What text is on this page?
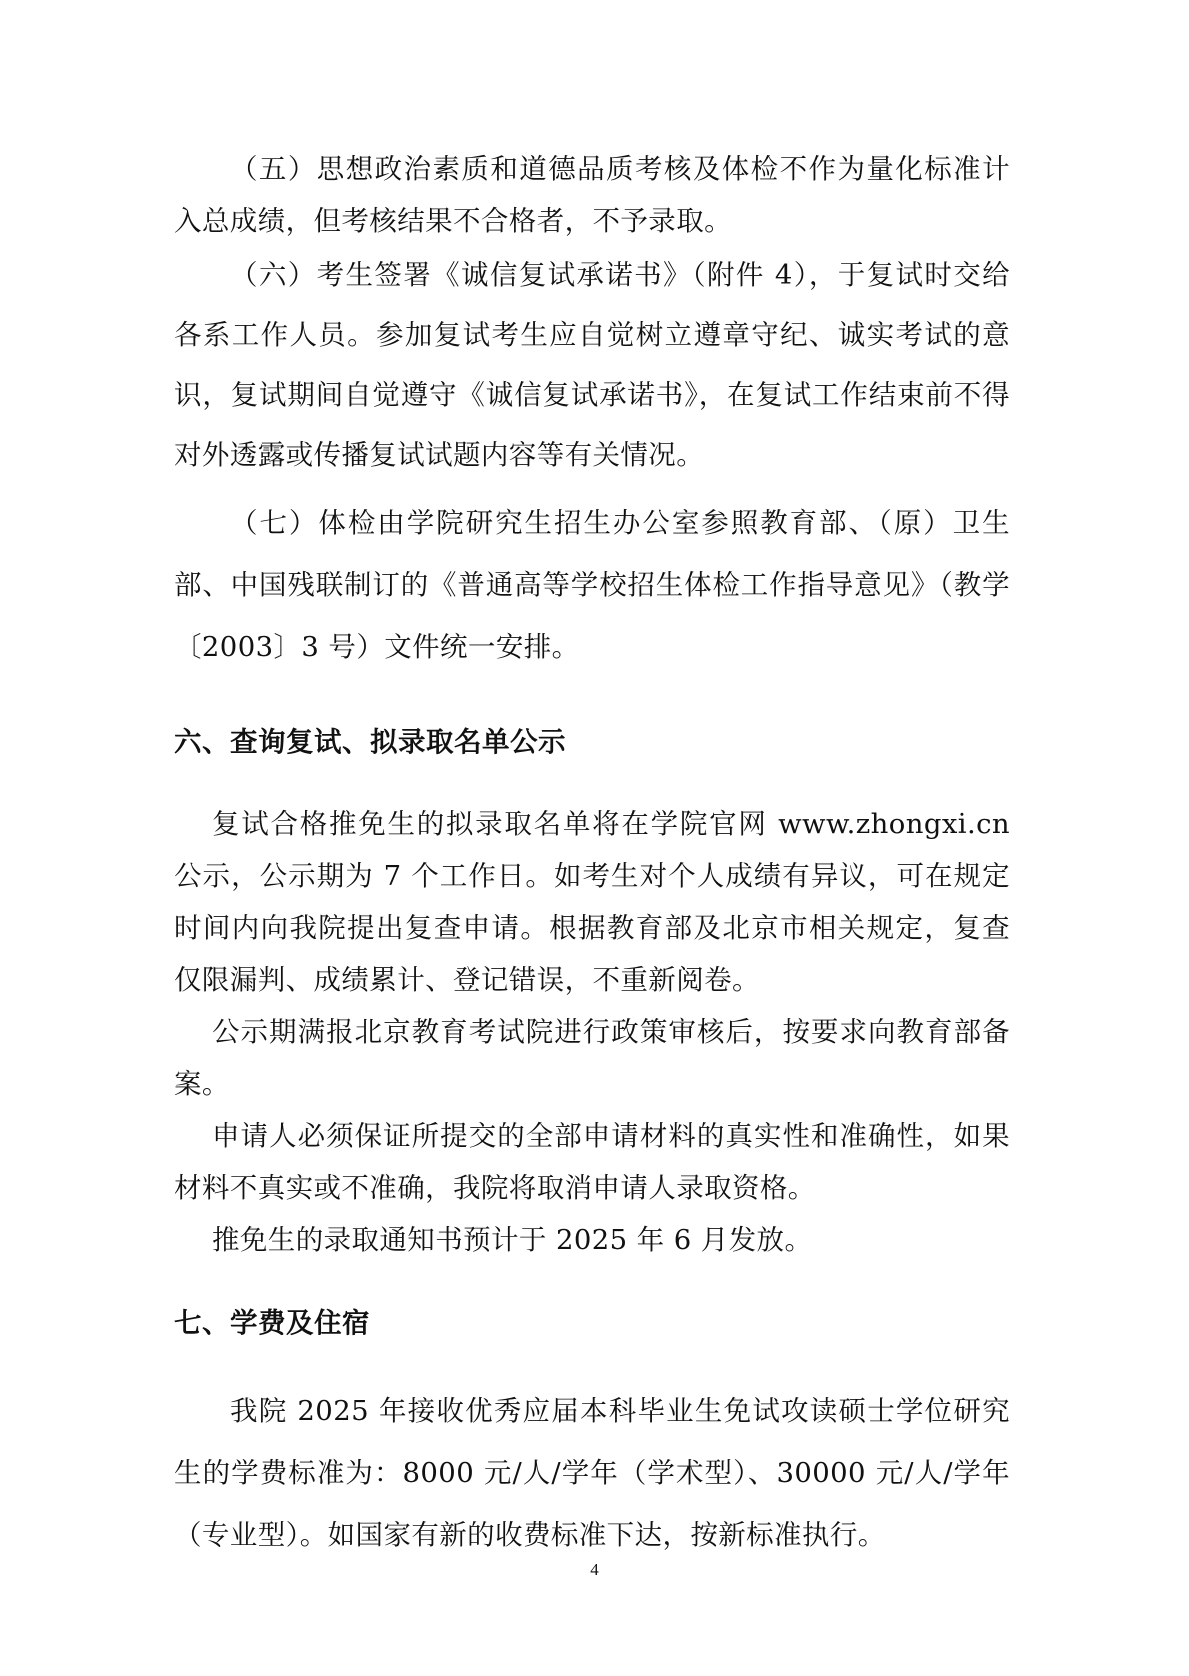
（五）思想政治素质和道德品质考核及体检不作为量化标准计入总成绩，但考核结果不合格者，不予录取。

（六）考生签署《诚信复试承诺书》（附件 4），于复试时交给各系工作人员。参加复试考生应自觉树立遵章守纪、诚实考试的意识，复试期间自觉遵守《诚信复试承诺书》，在复试工作结束前不得对外透露或传播复试试题内容等有关情况。

（七）体检由学院研究生招生办公室参照教育部、（原）卫生部、中国残联制订的《普通高等学校招生体检工作指导意见》（教学〔2003〕3 号）文件统一安排。

六、查询复试、拟录取名单公示

复试合格推免生的拟录取名单将在学院官网 www.zhongxi.cn 公示，公示期为 7 个工作日。如考生对个人成绩有异议，可在规定时间内向我院提出复查申请。根据教育部及北京市相关规定，复查仅限漏判、成绩累计、登记错误，不重新阅卷。

公示期满报北京教育考试院进行政策审核后，按要求向教育部备案。

申请人必须保证所提交的全部申请材料的真实性和准确性，如果材料不真实或不准确，我院将取消申请人录取资格。

推免生的录取通知书预计于 2025 年 6 月发放。

七、学费及住宿

我院 2025 年接收优秀应届本科毕业生免试攻读硕士学位研究生的学费标准为：8000 元/人/学年（学术型）、30000 元/人/学年（专业型）。如国家有新的收费标准下达，按新标准执行。

4
